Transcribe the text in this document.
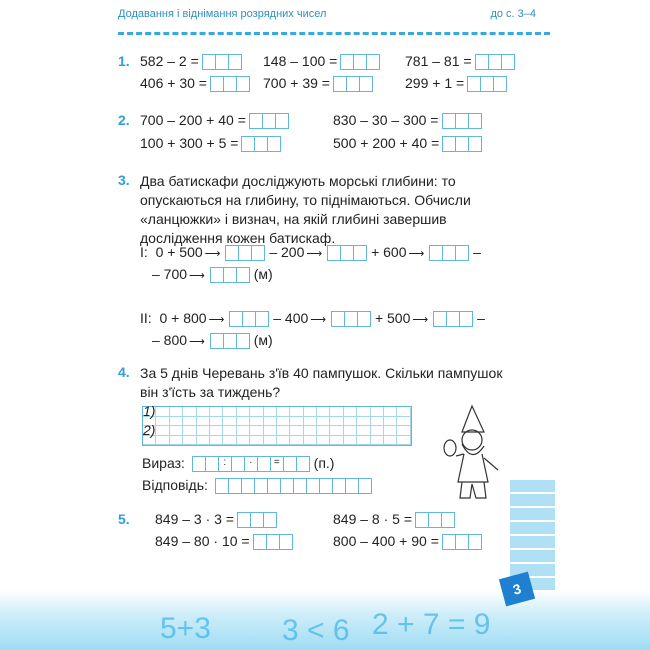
Додавання і віднімання розрядних чисел	до с. 3–4
1. 582 – 2 =	148 – 100 =	781 – 81 =
406 + 30 =	700 + 39 =	299 + 1 =
2. 700 – 200 + 40 =	830 – 30 – 300 =
100 + 300 + 5 =	500 + 200 + 40 =
3. Два батискафи досліджують морські глибини: то опускаються на глибину, то піднімаються. Обчисли «ланцюжки» і визнач, на якій глибині завершив дослідження кожен батискаф.
I: 0 + 500 ⟶	– 200 ⟶	+ 600 ⟶	–
– 700 ⟶	(м)
II: 0 + 800 ⟶	– 400 ⟶	+ 500 ⟶	–
– 800 ⟶	(м)
4. За 5 днів Черевань з'їв 40 пампушок. Скільки пампушок він з'їсть за тиждень?
1)
2)
Вираз:	:	·	= (п.)
Відповідь:
5. 849 – 3 · 3 =	849 – 8 · 5 =
849 – 80 · 10 =	800 – 400 + 90 =
5+3 3 < 6 2 + 7 = 9
3
